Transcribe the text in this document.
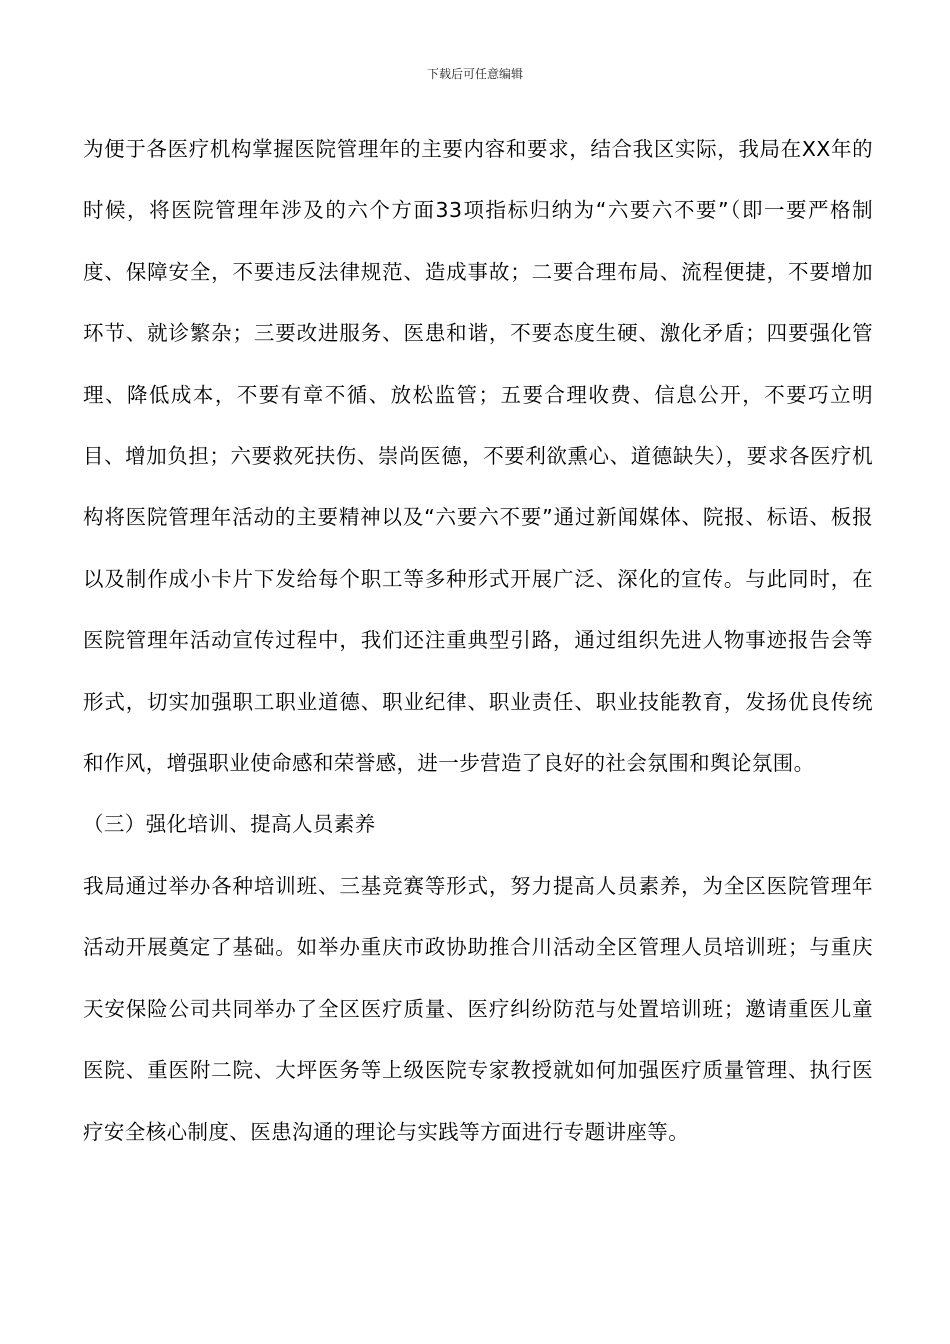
下载后可任意编辑

为便于各医疗机构掌握医院管理年的主要内容和要求，结合我区实际，我局在XX年的时候，将医院管理年涉及的六个方面33项指标归纳为“六要六不要”（即一要严格制度、保障安全，不要违反法律规范、造成事故；二要合理布局、流程便捷，不要增加环节、就诊繁杂；三要改进服务、医患和谐，不要态度生硬、激化矛盾；四要强化管理、降低成本，不要有章不循、放松监管；五要合理收费、信息公开，不要巧立明目、增加负担；六要救死扶伤、崇尚医德，不要利欲熏心、道德缺失），要求各医疗机构将医院管理年活动的主要精神以及“六要六不要”通过新闻媒体、院报、标语、板报以及制作成小卡片下发给每个职工等多种形式开展广泛、深化的宣传。与此同时，在医院管理年活动宣传过程中，我们还注重典型引路，通过组织先进人物事迹报告会等形式，切实加强职工职业道德、职业纪律、职业责任、职业技能教育，发扬优良传统和作风，增强职业使命感和荣誉感，进一步营造了良好的社会氛围和舆论氛围。

（三）强化培训、提高人员素养

我局通过举办各种培训班、三基竞赛等形式，努力提高人员素养，为全区医院管理年活动开展奠定了基础。如举办重庆市政协助推合川活动全区管理人员培训班；与重庆天安保险公司共同举办了全区医疗质量、医疗纠纷防范与处置培训班；邀请重医儿童医院、重医附二院、大坪医务等上级医院专家教授就如何加强医疗质量管理、执行医疗安全核心制度、医患沟通的理论与实践等方面进行专题讲座等。
